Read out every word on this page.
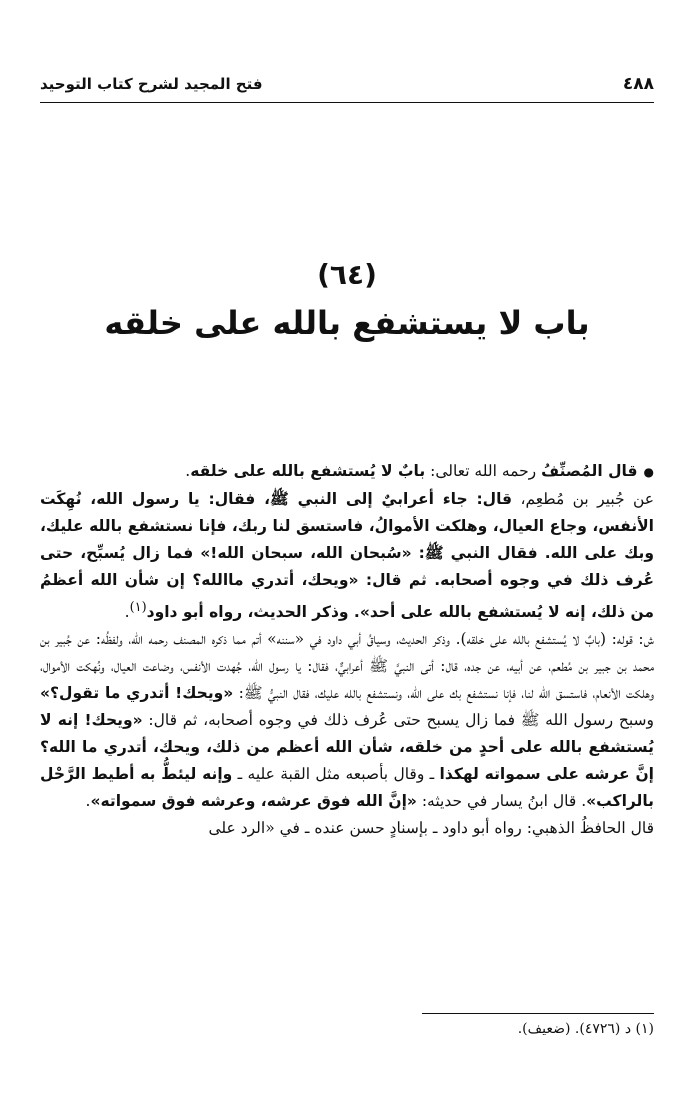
٤٨٨
فتح المجيد لشرح كتاب التوحيد
(٦٤)
باب لا يستشفع بالله على خلقه

●قال المُصنِّفُ رحمه الله تعالى: بابٌ لا يُستشفع بالله على خلقه.

عن جُبير بن مُطعِم، قال: جاء أعرابيٌ إلى النبي ﷺ، فقال: يا رسول الله، نُهِكَت الأنفس، وجاع العيال، وهلكت الأموالُ، فاستسق لنا ربك، فإنا نستشفع بالله عليك، وبك على الله. فقال النبي ﷺ: «سُبحان الله، سبحان الله!» فما زال يُسبِّح، حتى عُرف ذلك في وجوه أصحابه. ثم قال: «ويحك، أتدري ماالله؟ إن شأن الله أعظمُ من ذلك، إنه لا يُستشفع بالله على أحد». وذكر الحديث، رواه أبو داود$^{(١)}$.

ش: قوله: (بابٌ لا يُستشفع بالله على خلقه). وذكر الحديث، وسياقُ أبي داود في «سننه» أتم مما ذكره المصنف رحمه الله، ولفظُه: عن جُبير بن محمد بن جبير بن مُطعم، عن أبيه، عن جده، قال: أتى النبيَّ ﷺ أعرابيٌّ، فقال: يا رسول الله، جُهدت الأنفس، وضاعت العيال، ونُهكت الأموال، وهلكت الأنعام، فاستسق الله لنا، فإنا نستشفع بك على الله، ونستشفع بالله عليك، فقال النبيُّ ﷺ: «ويحك! أتدري ما تقول؟» وسبح رسول الله ﷺ فما زال يسبح حتى عُرف ذلك في وجوه أصحابه، ثم قال: «ويحك! إنه لا يُستشفع بالله على أحدٍ من خلقه، شأن الله أعظم من ذلك، ويحك، أتدري ما الله؟ إنَّ عرشه على سمواته لهكذا ـ وقال بأصبعه مثل القبة عليه ـ وإنه ليئطُّ به أطيط الرَّحْل بالراكب». قال ابنُ يسار في حديثه: «إنَّ الله فوق عرشه، وعرشه فوق سمواته».

قال الحافظُ الذهبي: رواه أبو داود ـ بإسنادٍ حسن عنده ـ في «الرد على

(١) د (٤٧٢٦). (ضعيف).
